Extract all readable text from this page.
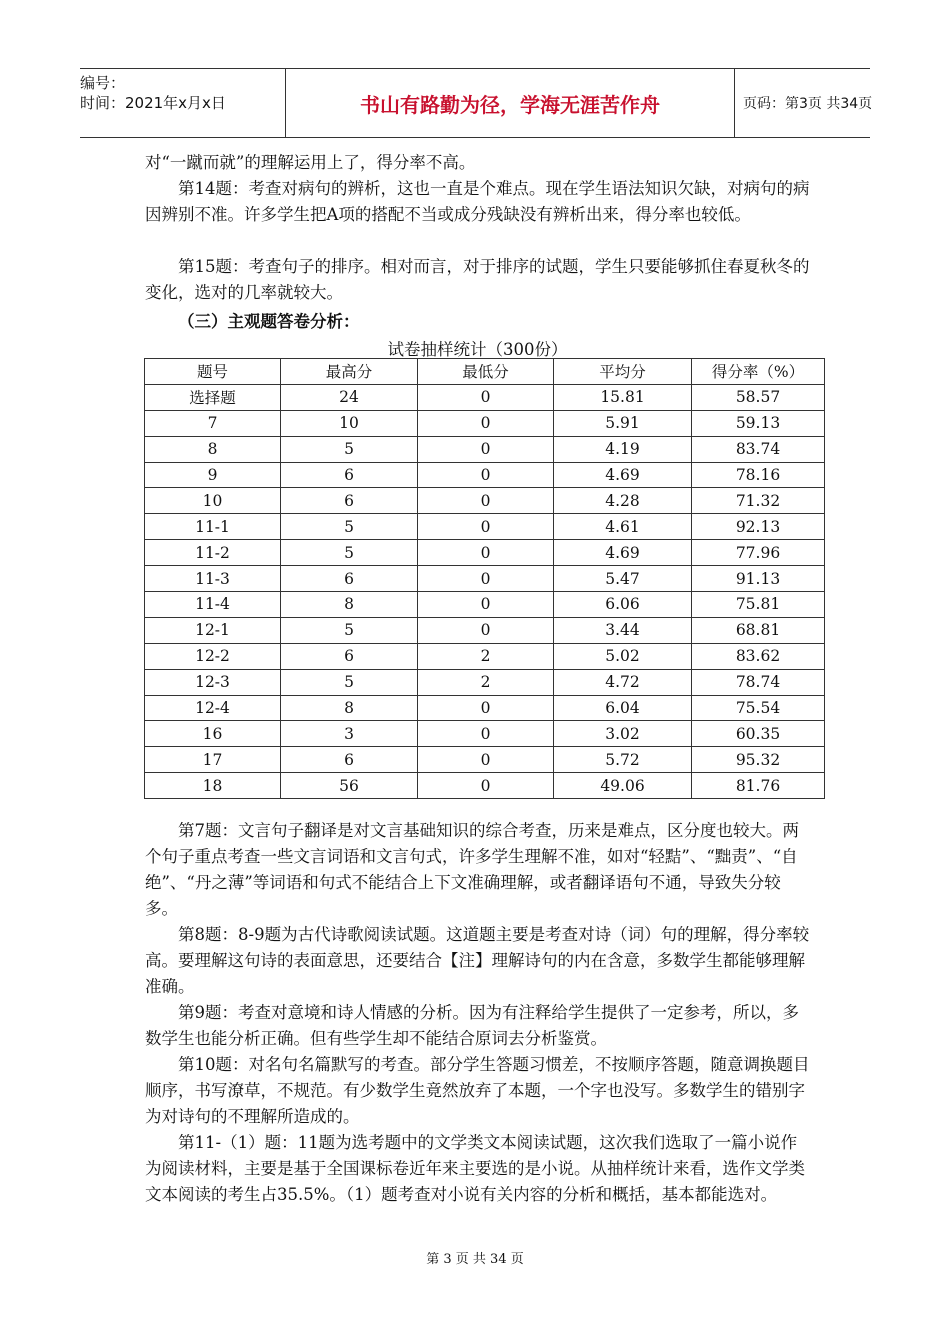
编号：
时间：2021年x月x日	书山有路勤为径，学海无涯苦作舟	页码：第3页 共34页

对“一蹴而就”的理解运用上了，得分率不高。

第14题：考查对病句的辨析，这也一直是个难点。现在学生语法知识欠缺，对病句的病因辨别不准。许多学生把A项的搭配不当或成分残缺没有辨析出来，得分率也较低。

第15题：考查句子的排序。相对而言，对于排序的试题，学生只要能够抓住春夏秋冬的变化，选对的几率就较大。

（三）主观题答卷分析：
试卷抽样统计（300份）
题号	最高分	最低分	平均分	得分率（%）
选择题	24	0	15.81	58.57
7	10	0	5.91	59.13
8	5	0	4.19	83.74
9	6	0	4.69	78.16
10	6	0	4.28	71.32
11-1	5	0	4.61	92.13
11-2	5	0	4.69	77.96
11-3	6	0	5.47	91.13
11-4	8	0	6.06	75.81
12-1	5	0	3.44	68.81
12-2	6	2	5.02	83.62
12-3	5	2	4.72	78.74
12-4	8	0	6.04	75.54
16	3	0	3.02	60.35
17	6	0	5.72	95.32
18	56	0	49.06	81.76

第7题：文言句子翻译是对文言基础知识的综合考查，历来是难点，区分度也较大。两个句子重点考查一些文言词语和文言句式，许多学生理解不准，如对“轻黠”、“黜责”、“自绝”、“丹之薄”等词语和句式不能结合上下文准确理解，或者翻译语句不通，导致失分较多。

第8题：8-9题为古代诗歌阅读试题。这道题主要是考查对诗（词）句的理解，得分率较高。要理解这句诗的表面意思，还要结合【注】理解诗句的内在含意，多数学生都能够理解准确。

第9题：考查对意境和诗人情感的分析。因为有注释给学生提供了一定参考，所以，多数学生也能分析正确。但有些学生却不能结合原词去分析鉴赏。

第10题：对名句名篇默写的考查。部分学生答题习惯差，不按顺序答题，随意调换题目顺序，书写潦草，不规范。有少数学生竟然放弃了本题，一个字也没写。多数学生的错别字为对诗句的不理解所造成的。

第11-（1）题：11题为选考题中的文学类文本阅读试题，这次我们选取了一篇小说作为阅读材料，主要是基于全国课标卷近年来主要选的是小说。从抽样统计来看，选作文学类文本阅读的考生占35.5%。（1）题考查对小说有关内容的分析和概括，基本都能选对。

第 3 页 共 34 页
